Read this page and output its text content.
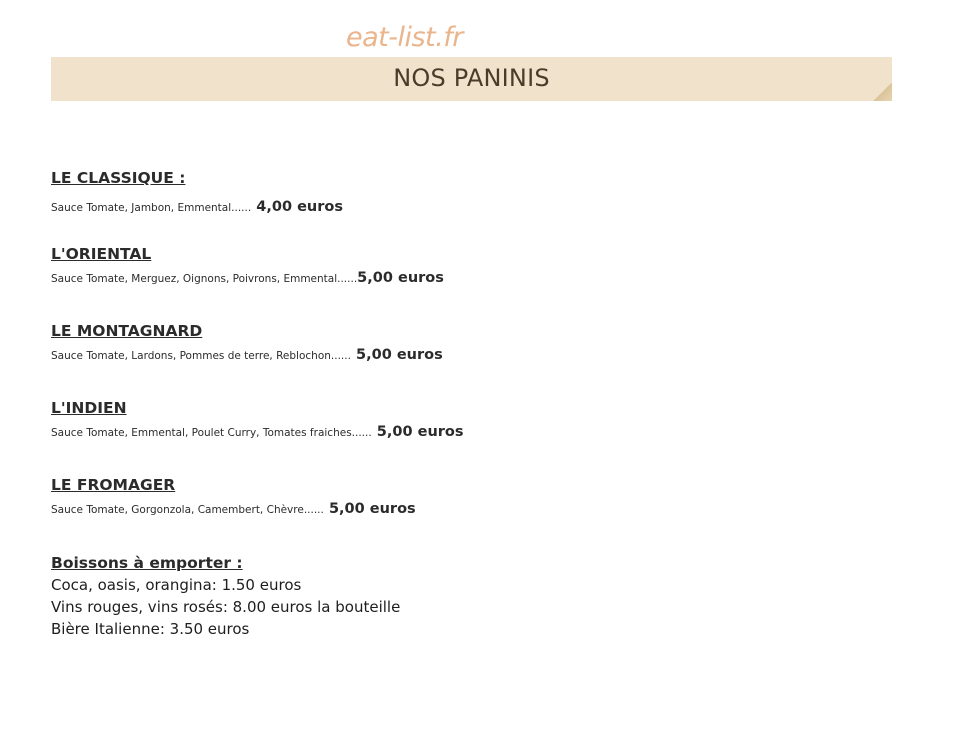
eat-list.fr
NOS PANINIS
LE CLASSIQUE :
Sauce Tomate, Jambon, Emmental...... 4,00 euros
L'ORIENTAL
Sauce Tomate, Merguez, Oignons, Poivrons, Emmental......5,00 euros
LE MONTAGNARD
Sauce Tomate, Lardons, Pommes de terre, Reblochon...... 5,00 euros
L'INDIEN
Sauce Tomate, Emmental, Poulet Curry, Tomates fraiches...... 5,00 euros
LE FROMAGER
Sauce Tomate, Gorgonzola, Camembert, Chèvre...... 5,00 euros
Boissons à emporter :
Coca, oasis, orangina: 1.50 euros
Vins rouges, vins rosés: 8.00 euros la bouteille
Bière Italienne: 3.50 euros
